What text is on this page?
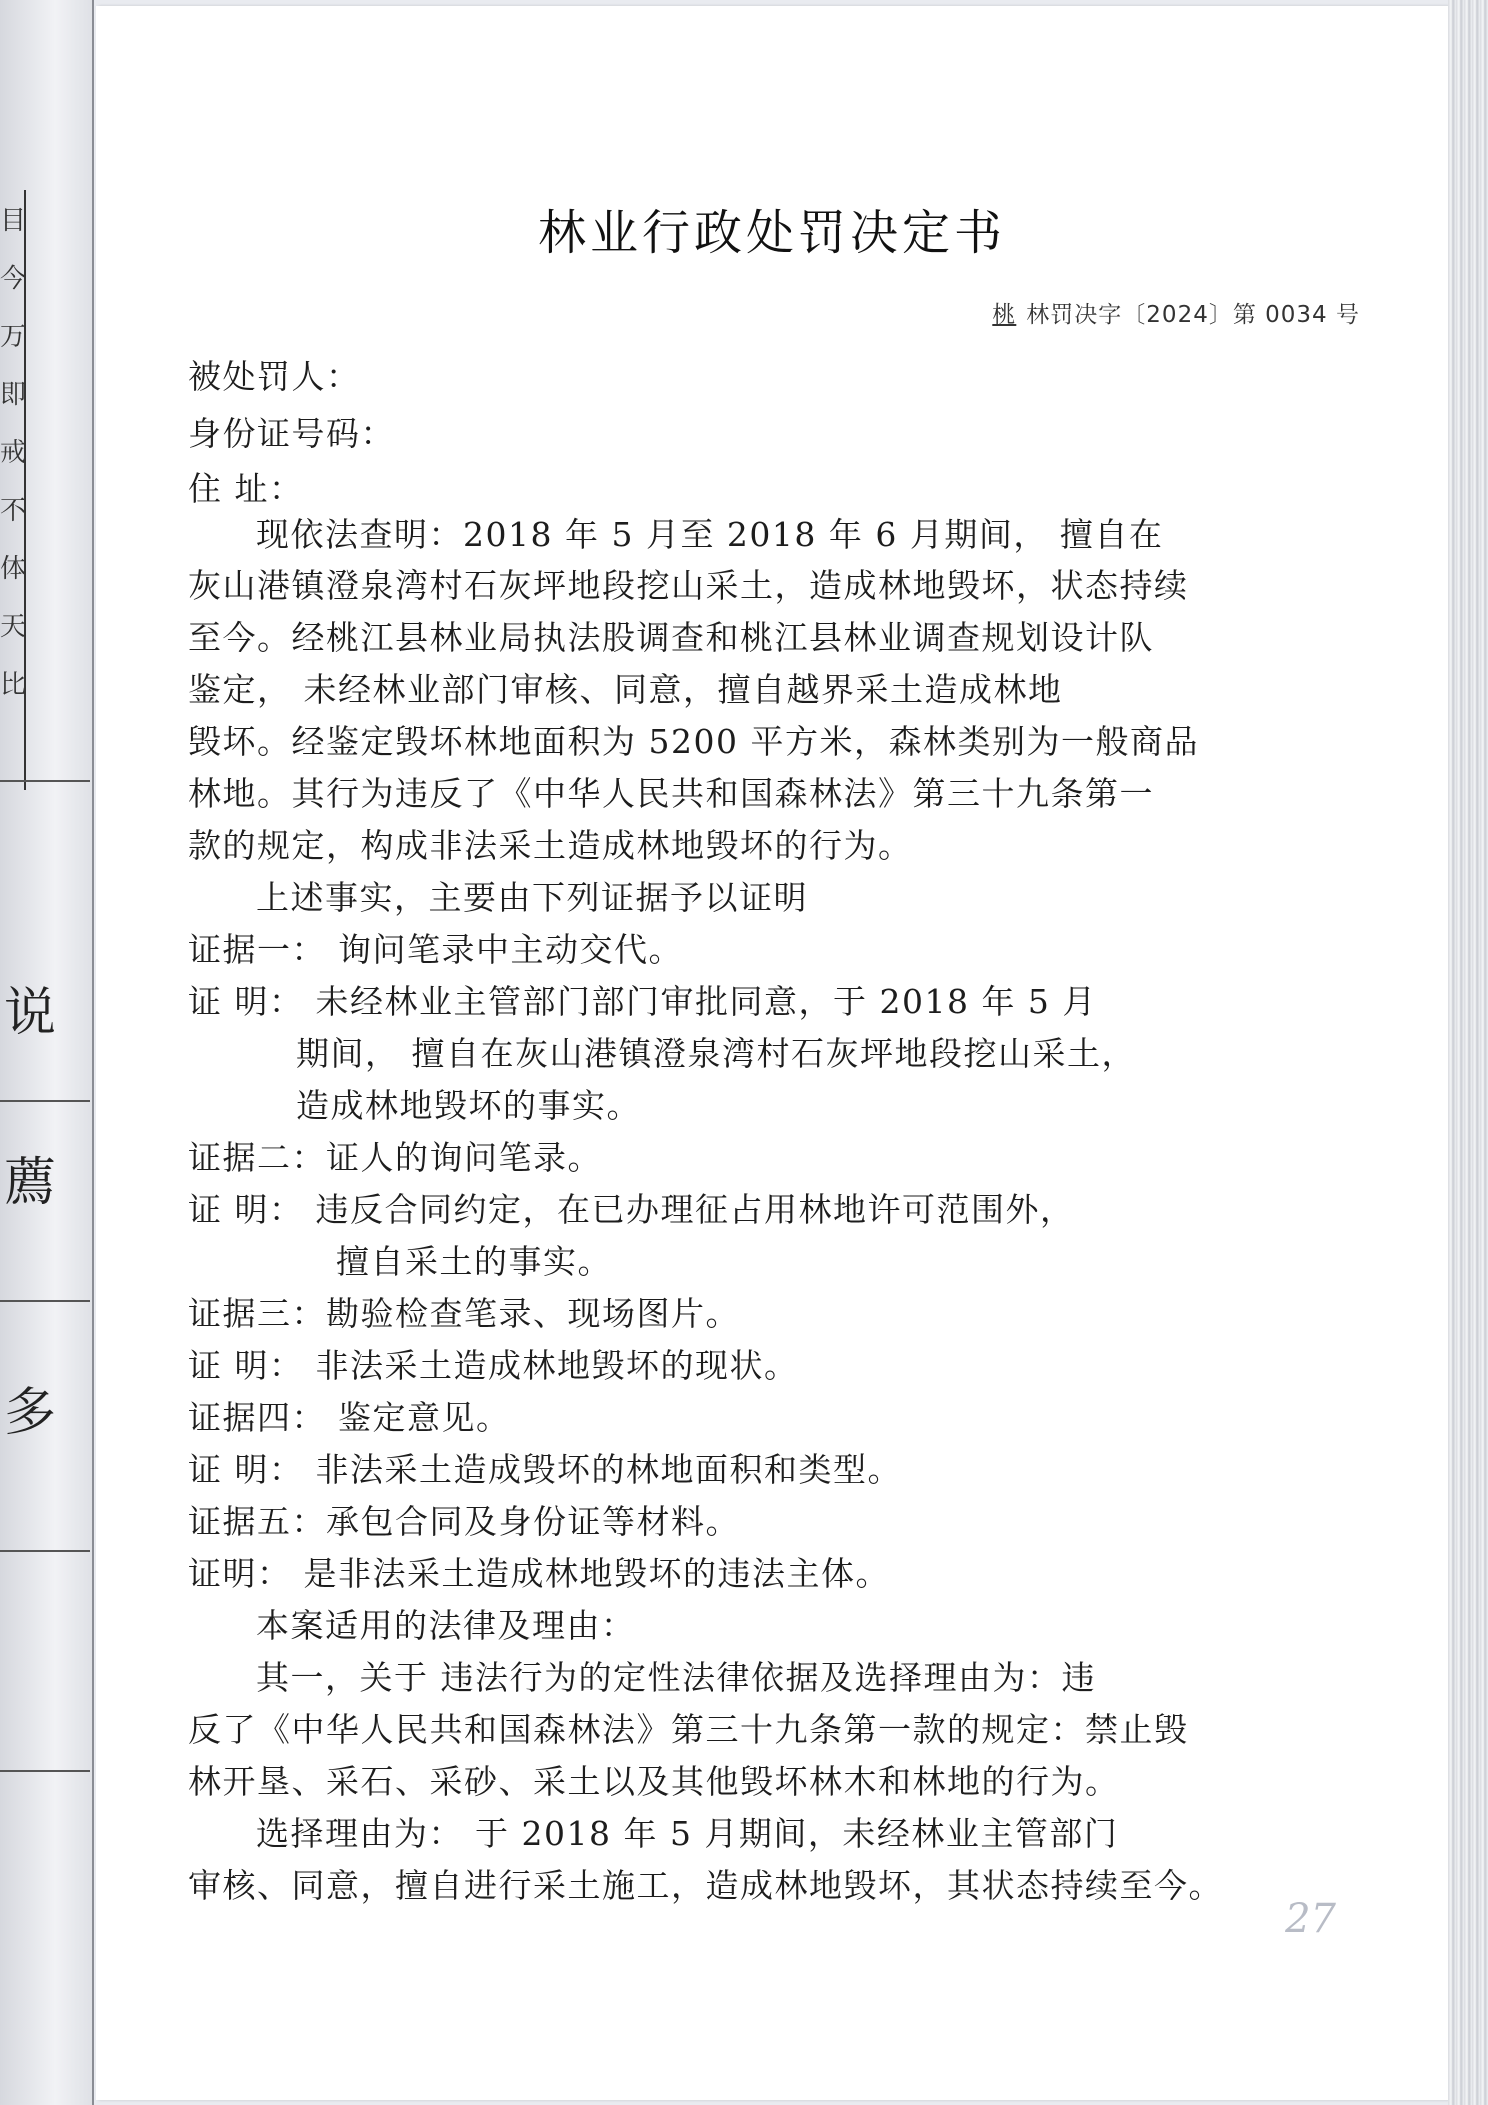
目
今
万
即
戒
不
体
天
比
说
薦
多
林业行政处罚决定书
桃 林罚决字〔2024〕第 0034 号
被处罚人：
身份证号码：
住 址：
现依法查明：2018 年 5 月至 2018 年 6 月期间， 擅自在
灰山港镇澄泉湾村石灰坪地段挖山采土，造成林地毁坏，状态持续
至今。经桃江县林业局执法股调查和桃江县林业调查规划设计队
鉴定， 未经林业部门审核、同意，擅自越界采土造成林地
毁坏。经鉴定毁坏林地面积为 5200 平方米，森林类别为一般商品
林地。其行为违反了《中华人民共和国森林法》第三十九条第一
款的规定，构成非法采土造成林地毁坏的行为。
上述事实，主要由下列证据予以证明
证据一： 询问笔录中主动交代。
证 明： 未经林业主管部门部门审批同意，于 2018 年 5 月
期间， 擅自在灰山港镇澄泉湾村石灰坪地段挖山采土，
造成林地毁坏的事实。
证据二：证人的询问笔录。
证 明： 违反合同约定，在已办理征占用林地许可范围外，
擅自采土的事实。
证据三：勘验检查笔录、现场图片。
证 明： 非法采土造成林地毁坏的现状。
证据四： 鉴定意见。
证 明： 非法采土造成毁坏的林地面积和类型。
证据五：承包合同及身份证等材料。
证明： 是非法采土造成林地毁坏的违法主体。
本案适用的法律及理由：
其一，关于 违法行为的定性法律依据及选择理由为：违
反了《中华人民共和国森林法》第三十九条第一款的规定：禁止毁
林开垦、采石、采砂、采土以及其他毁坏林木和林地的行为。
选择理由为： 于 2018 年 5 月期间，未经林业主管部门
审核、同意，擅自进行采土施工，造成林地毁坏，其状态持续至今。
27
